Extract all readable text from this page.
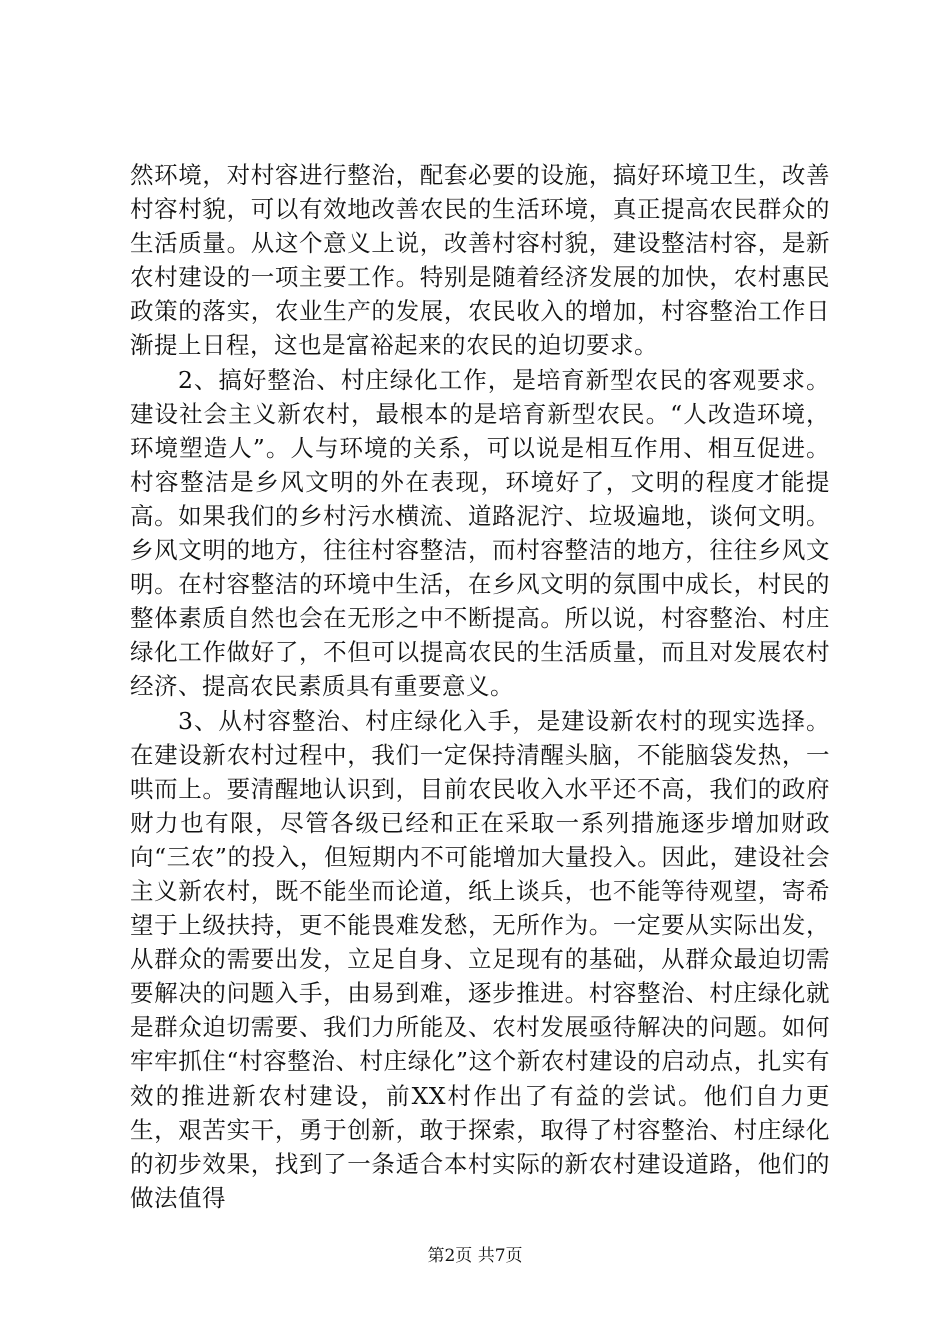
然环境，对村容进行整治，配套必要的设施，搞好环境卫生，改善村容村貌，可以有效地改善农民的生活环境，真正提高农民群众的生活质量。从这个意义上说，改善村容村貌，建设整洁村容，是新农村建设的一项主要工作。特别是随着经济发展的加快，农村惠民政策的落实，农业生产的发展，农民收入的增加，村容整治工作日渐提上日程，这也是富裕起来的农民的迫切要求。

2、搞好整治、村庄绿化工作，是培育新型农民的客观要求。建设社会主义新农村，最根本的是培育新型农民。“人改造环境，环境塑造人”。人与环境的关系，可以说是相互作用、相互促进。村容整洁是乡风文明的外在表现，环境好了，文明的程度才能提高。如果我们的乡村污水横流、道路泥泞、垃圾遍地，谈何文明。乡风文明的地方，往往村容整洁，而村容整洁的地方，往往乡风文明。在村容整洁的环境中生活，在乡风文明的氛围中成长，村民的整体素质自然也会在无形之中不断提高。所以说，村容整治、村庄绿化工作做好了，不但可以提高农民的生活质量，而且对发展农村经济、提高农民素质具有重要意义。

3、从村容整治、村庄绿化入手，是建设新农村的现实选择。在建设新农村过程中，我们一定保持清醒头脑，不能脑袋发热，一哄而上。要清醒地认识到，目前农民收入水平还不高，我们的政府财力也有限，尽管各级已经和正在采取一系列措施逐步增加财政向“三农”的投入，但短期内不可能增加大量投入。因此，建设社会主义新农村，既不能坐而论道，纸上谈兵，也不能等待观望，寄希望于上级扶持，更不能畏难发愁，无所作为。一定要从实际出发，从群众的需要出发，立足自身、立足现有的基础，从群众最迫切需要解决的问题入手，由易到难，逐步推进。村容整治、村庄绿化就是群众迫切需要、我们力所能及、农村发展亟待解决的问题。如何牢牢抓住“村容整治、村庄绿化”这个新农村建设的启动点，扎实有效的推进新农村建设，前XX村作出了有益的尝试。他们自力更生，艰苦实干，勇于创新，敢于探索，取得了村容整治、村庄绿化的初步效果，找到了一条适合本村实际的新农村建设道路，他们的做法值得

第2页 共7页
